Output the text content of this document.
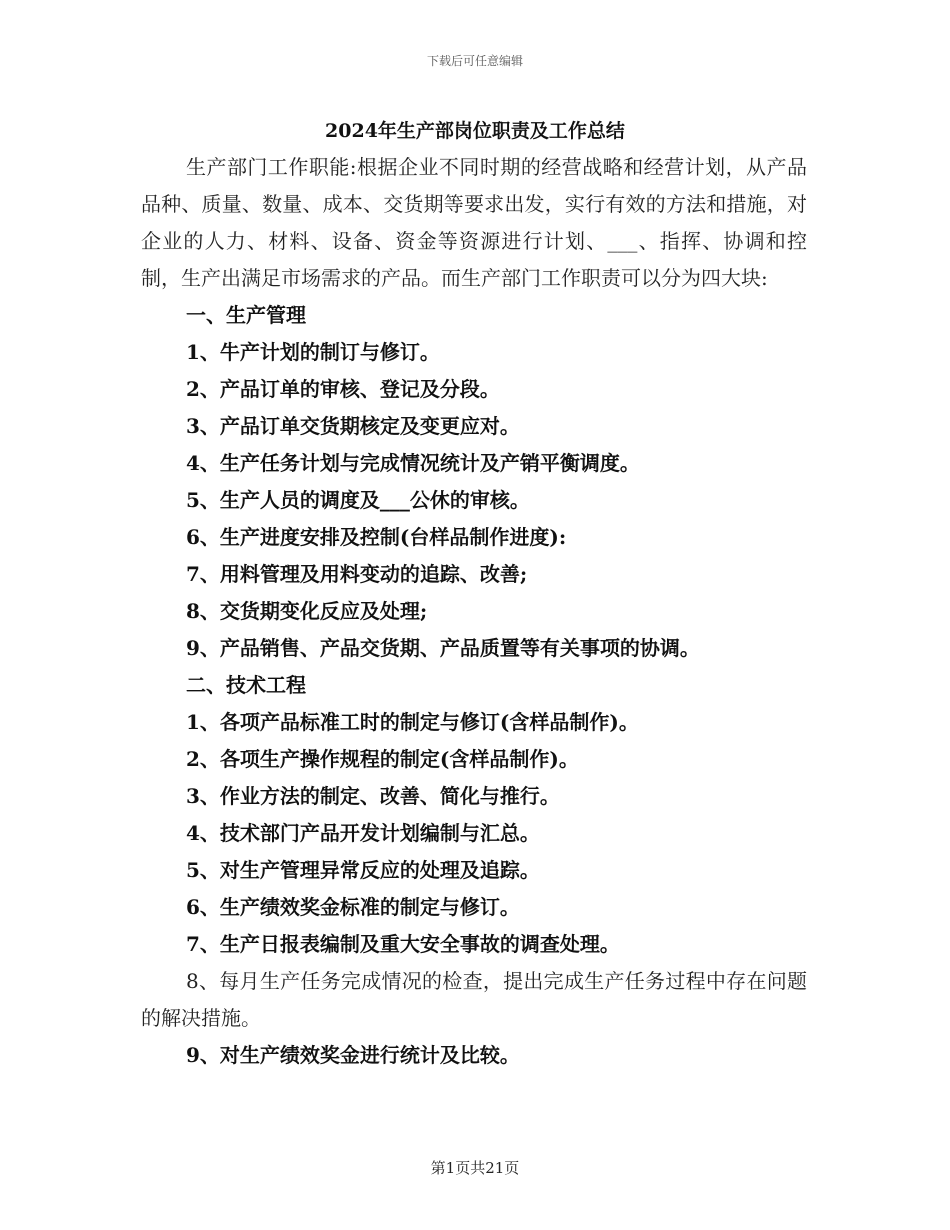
下载后可任意编辑
2024年生产部岗位职责及工作总结

生产部门工作职能:根据企业不同时期的经营战略和经营计划，从产品品种、质量、数量、成本、交货期等要求出发，实行有效的方法和措施，对企业的人力、材料、设备、资金等资源进行计划、___、指挥、协调和控制，生产出满足市场需求的产品。而生产部门工作职责可以分为四大块:

一、生产管理

1、牛产计划的制订与修订。

2、产品订单的审核、登记及分段。

3、产品订单交货期核定及变更应对。

4、生产任务计划与完成情况统计及产销平衡调度。

5、生产人员的调度及___公休的审核。

6、生产进度安排及控制(台样品制作进度):

7、用料管理及用料变动的追踪、改善;

8、交货期变化反应及处理;

9、产品销售、产品交货期、产品质置等有关事项的协调。

二、技术工程

1、各项产品标准工时的制定与修订(含样品制作)。

2、各项生产操作规程的制定(含样品制作)。

3、作业方法的制定、改善、简化与推行。

4、技术部门产品开发计划编制与汇总。

5、对生产管理异常反应的处理及追踪。

6、生产绩效奖金标准的制定与修订。

7、生产日报表编制及重大安全事故的调查处理。

8、每月生产任务完成情况的检查，提出完成生产任务过程中存在问题的解决措施。

9、对生产绩效奖金进行统计及比较。

第1页共21页
